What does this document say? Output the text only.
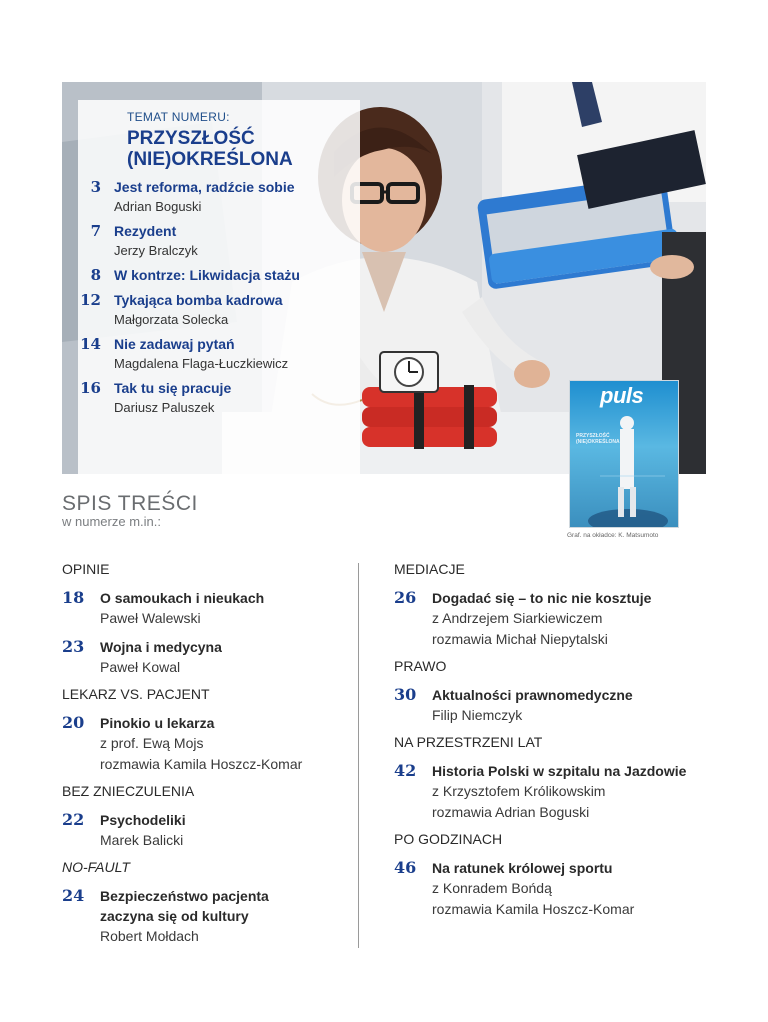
TEMAT NUMERU:
PRZYSZŁOŚĆ
(NIE)OKREŚLONA
3 Jest reforma, radźcie sobie
Adrian Boguski
7 Rezydent
Jerzy Bralczyk
8 W kontrze: Likwidacja stażu
12 Tykająca bomba kadrowa
Małgorzata Solecka
14 Nie zadawaj pytań
Magdalena Flaga-Łuczkiewicz
16 Tak tu się pracuje
Dariusz Paluszek	puls
PRZYSZŁOŚĆ (NIE)OKREŚLONA
Graf. na okładce: K. Matsumoto
SPIS TREŚCI
w numerze m.in.:
OPINIE
18	O samoukach i nieukach
Paweł Walewski
23	Wojna i medycyna
Paweł Kowal
LEKARZ VS. PACJENT
20	Pinokio u lekarza
z prof. Ewą Mojs
rozmawia Kamila Hoszcz-Komar
BEZ ZNIECZULENIA
22	Psychodeliki
Marek Balicki
NO-FAULT
24	Bezpieczeństwo pacjenta
zaczyna się od kultury
Robert Mołdach
MEDIACJE
26	Dogadać się – to nic nie kosztuje
z Andrzejem Siarkiewiczem
rozmawia Michał Niepytalski
PRAWO
30	Aktualności prawnomedyczne
Filip Niemczyk
NA PRZESTRZENI LAT
42	Historia Polski w szpitalu na Jazdowie
z Krzysztofem Królikowskim
rozmawia Adrian Boguski
PO GODZINACH
46	Na ratunek królowej sportu
z Konradem Bońdą
rozmawia Kamila Hoszcz-Komar
